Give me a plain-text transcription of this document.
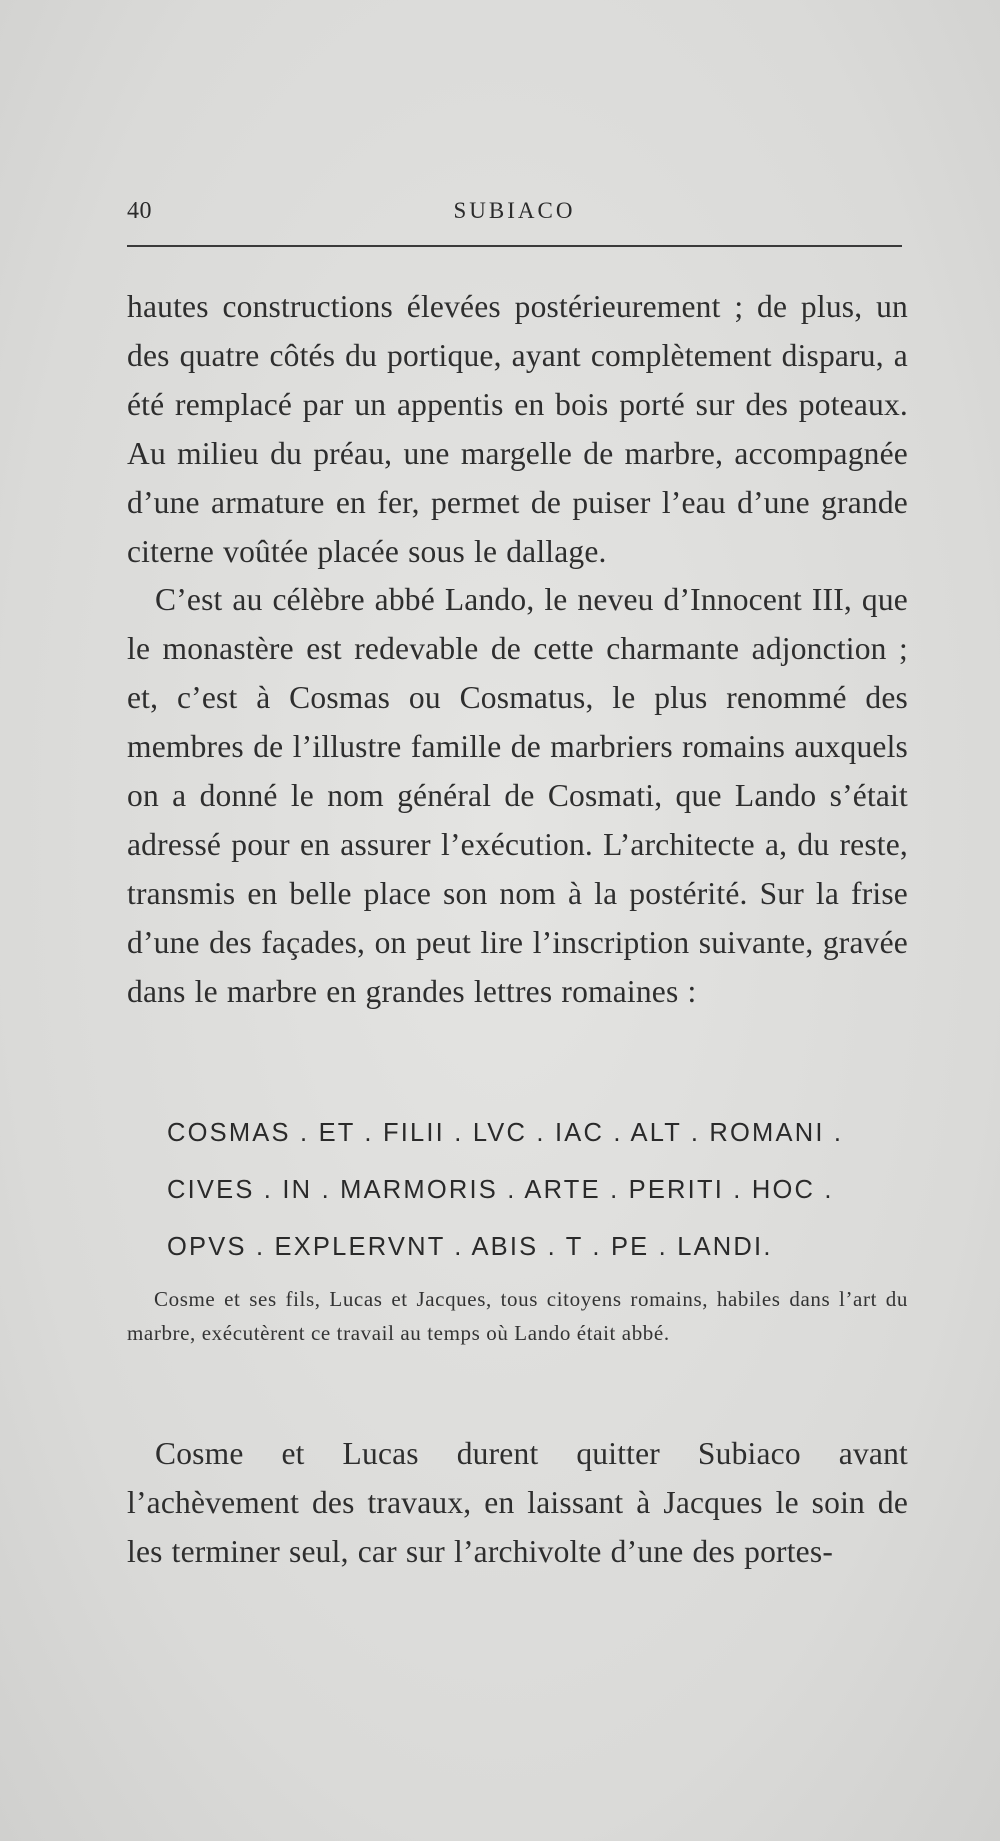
40	SUBIACO

hautes constructions élevées postérieurement ; de plus, un des quatre côtés du portique, ayant complètement disparu, a été remplacé par un appentis en bois porté sur des poteaux. Au milieu du préau, une margelle de marbre, accompagnée d’une armature en fer, permet de puiser l’eau d’une grande citerne voûtée placée sous le dallage.

C’est au célèbre abbé Lando, le neveu d’Innocent III, que le monastère est redevable de cette charmante adjonction ; et, c’est à Cosmas ou Cosmatus, le plus renommé des membres de l’illustre famille de marbriers romains auxquels on a donné le nom général de Cosmati, que Lando s’était adressé pour en assurer l’exécution. L’architecte a, du reste, transmis en belle place son nom à la postérité. Sur la frise d’une des façades, on peut lire l’inscription suivante, gravée dans le marbre en grandes lettres romaines :

COSMAS . ET . FILII . LVC . IAC . ALT . ROMANI .
CIVES . IN . MARMORIS . ARTE . PERITI . HOC .
OPVS . EXPLERVNT . ABIS . T . PE . LANDI.

Cosme et ses fils, Lucas et Jacques, tous citoyens romains, habiles dans l’art du marbre, exécutèrent ce travail au temps où Lando était abbé.

Cosme et Lucas durent quitter Subiaco avant l’achèvement des travaux, en laissant à Jacques le soin de les terminer seul, car sur l’archivolte d’une des portes-
